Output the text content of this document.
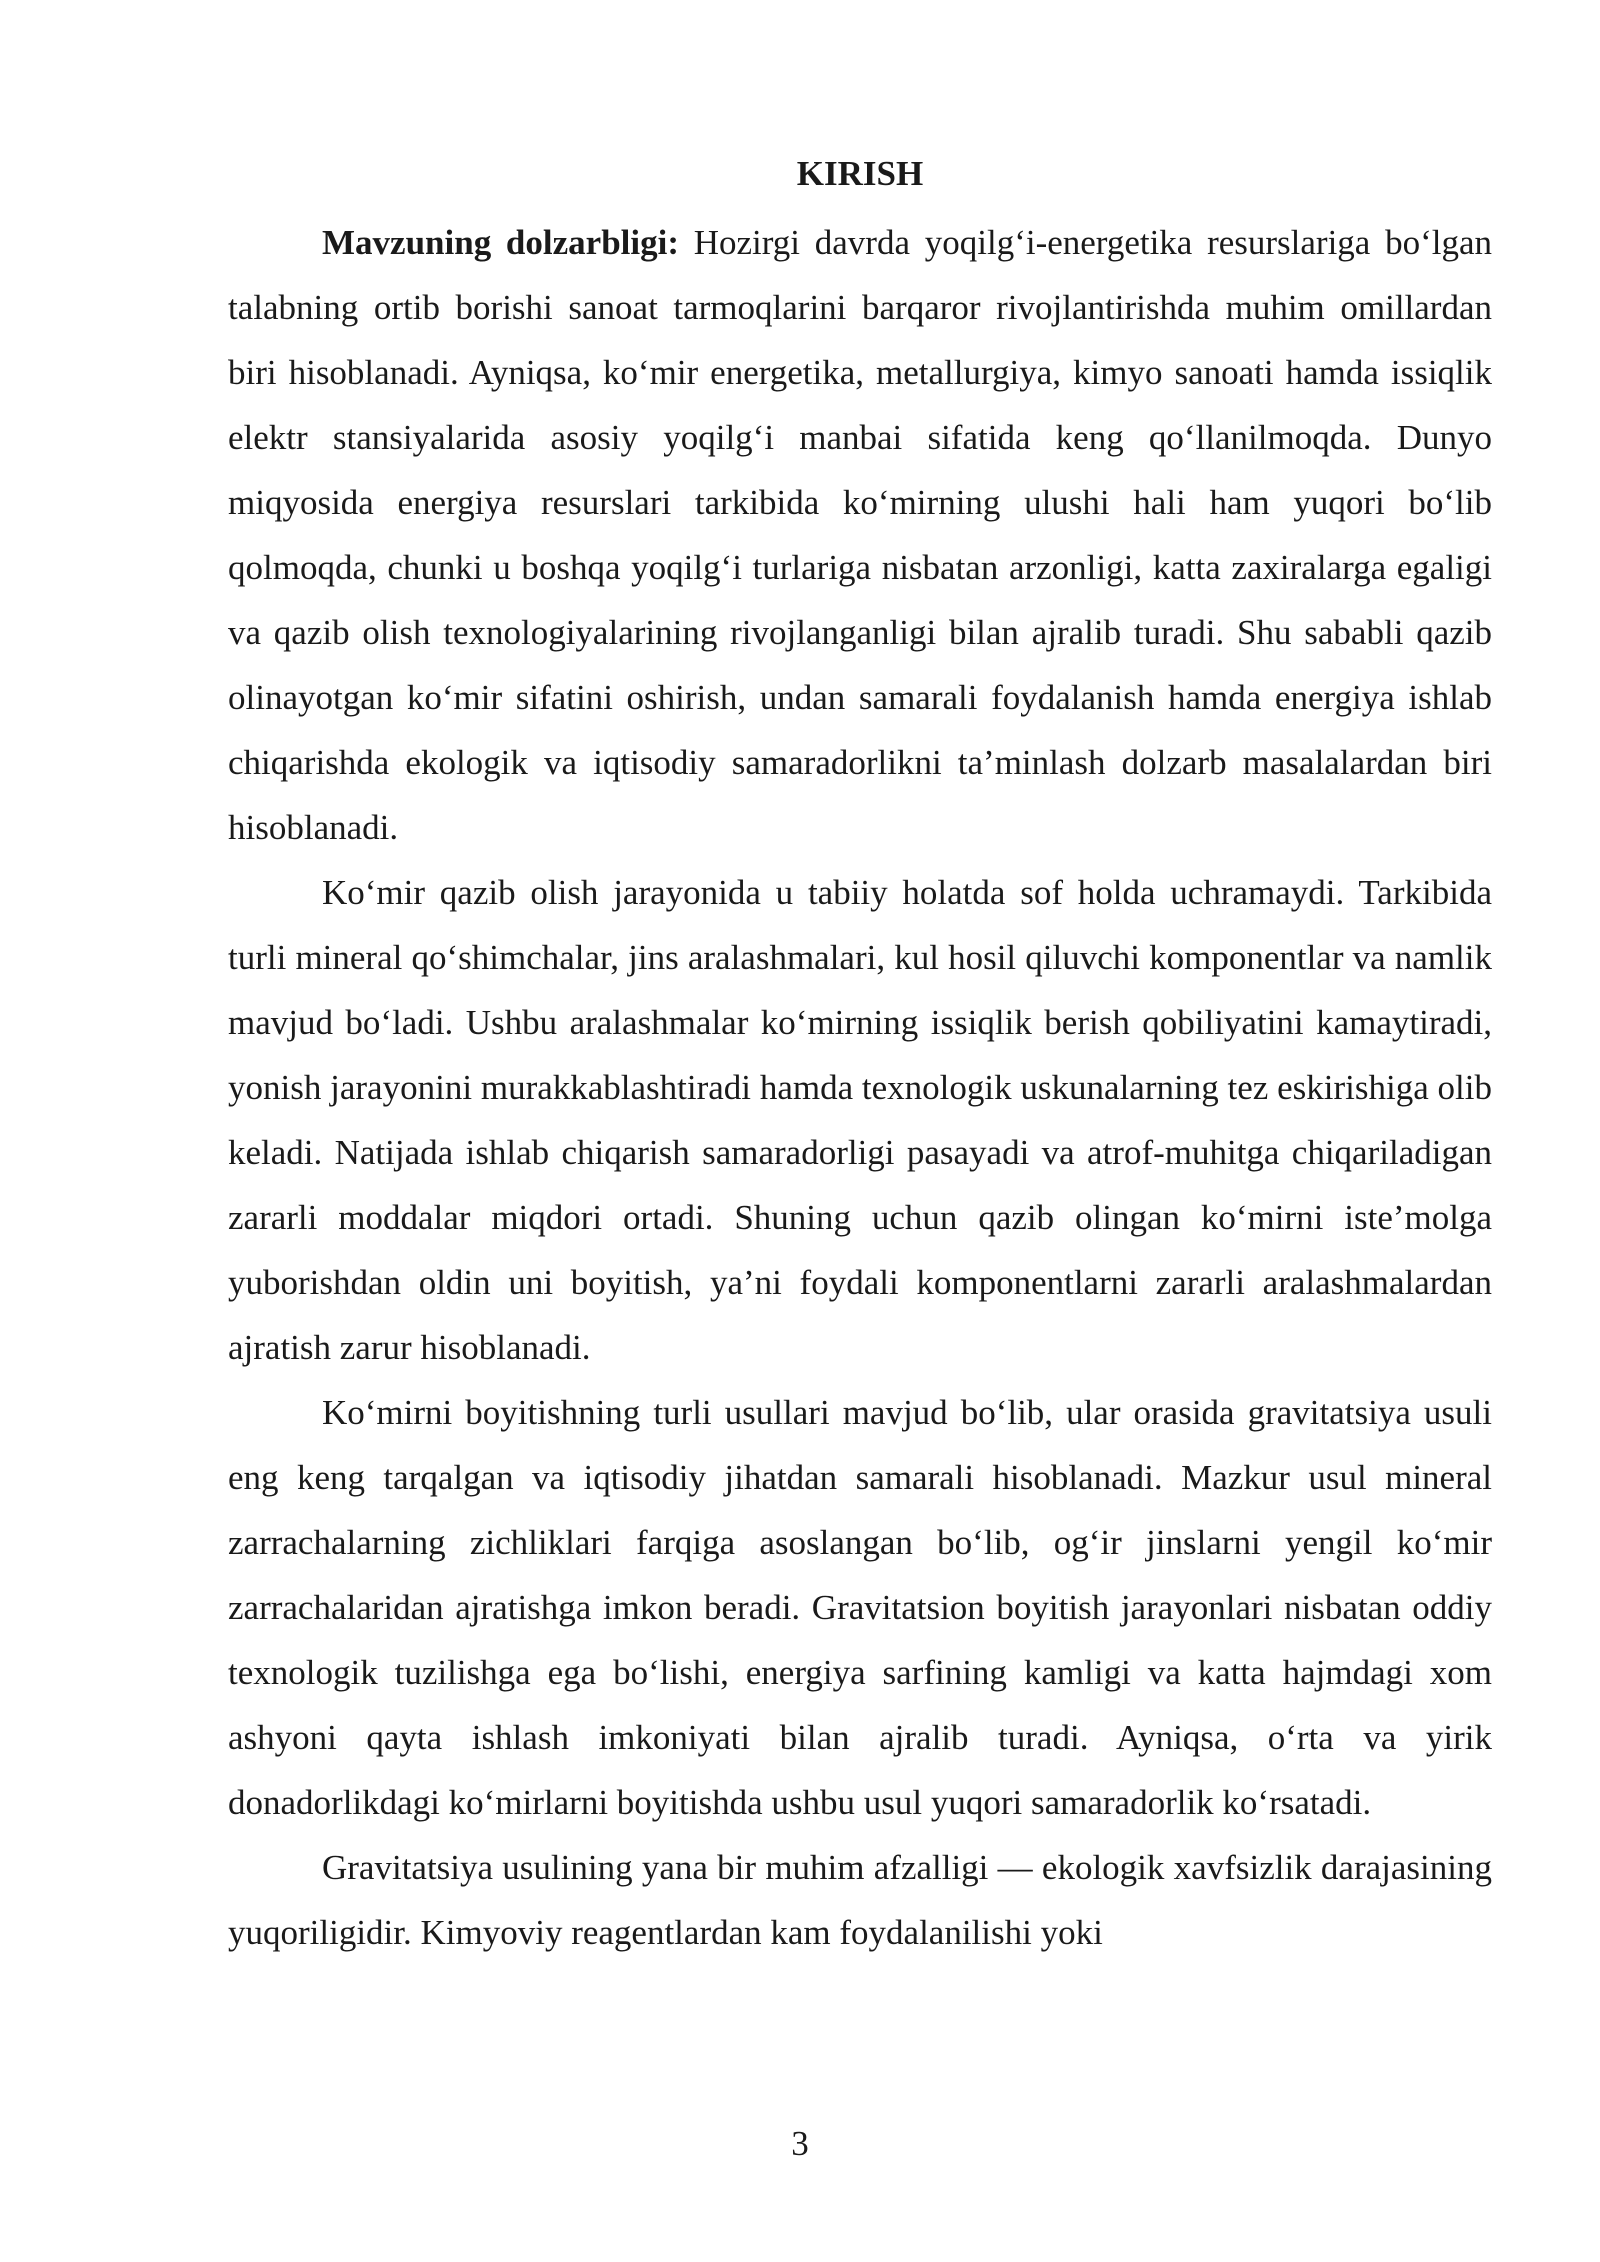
KIRISH

Mavzuning dolzarbligi: Hozirgi davrda yoqilg‘i-energetika resurslariga bo‘lgan talabning ortib borishi sanoat tarmoqlarini barqaror rivojlantirishda muhim omillardan biri hisoblanadi. Ayniqsa, ko‘mir energetika, metallurgiya, kimyo sanoati hamda issiqlik elektr stansiyalarida asosiy yoqilg‘i manbai sifatida keng qo‘llanilmoqda. Dunyo miqyosida energiya resurslari tarkibida ko‘mirning ulushi hali ham yuqori bo‘lib qolmoqda, chunki u boshqa yoqilg‘i turlariga nisbatan arzonligi, katta zaxiralarga egaligi va qazib olish texnologiyalarining rivojlanganligi bilan ajralib turadi. Shu sababli qazib olinayotgan ko‘mir sifatini oshirish, undan samarali foydalanish hamda energiya ishlab chiqarishda ekologik va iqtisodiy samaradorlikni ta’minlash dolzarb masalalardan biri hisoblanadi.

Ko‘mir qazib olish jarayonida u tabiiy holatda sof holda uchramaydi. Tarkibida turli mineral qo‘shimchalar, jins aralashmalari, kul hosil qiluvchi komponentlar va namlik mavjud bo‘ladi. Ushbu aralashmalar ko‘mirning issiqlik berish qobiliyatini kamaytiradi, yonish jarayonini murakkablashtiradi hamda texnologik uskunalarning tez eskirishiga olib keladi. Natijada ishlab chiqarish samaradorligi pasayadi va atrof-muhitga chiqariladigan zararli moddalar miqdori ortadi. Shuning uchun qazib olingan ko‘mirni iste’molga yuborishdan oldin uni boyitish, ya’ni foydali komponentlarni zararli aralashmalardan ajratish zarur hisoblanadi.

Ko‘mirni boyitishning turli usullari mavjud bo‘lib, ular orasida gravitatsiya usuli eng keng tarqalgan va iqtisodiy jihatdan samarali hisoblanadi. Mazkur usul mineral zarrachalarning zichliklari farqiga asoslangan bo‘lib, og‘ir jinslarni yengil ko‘mir zarrachalaridan ajratishga imkon beradi. Gravitatsion boyitish jarayonlari nisbatan oddiy texnologik tuzilishga ega bo‘lishi, energiya sarfining kamligi va katta hajmdagi xom ashyoni qayta ishlash imkoniyati bilan ajralib turadi. Ayniqsa, o‘rta va yirik donadorlikdagi ko‘mirlarni boyitishda ushbu usul yuqori samaradorlik ko‘rsatadi.

Gravitatsiya usulining yana bir muhim afzalligi — ekologik xavfsizlik darajasining yuqoriligidir. Kimyoviy reagentlardan kam foydalanilishi yoki

3
